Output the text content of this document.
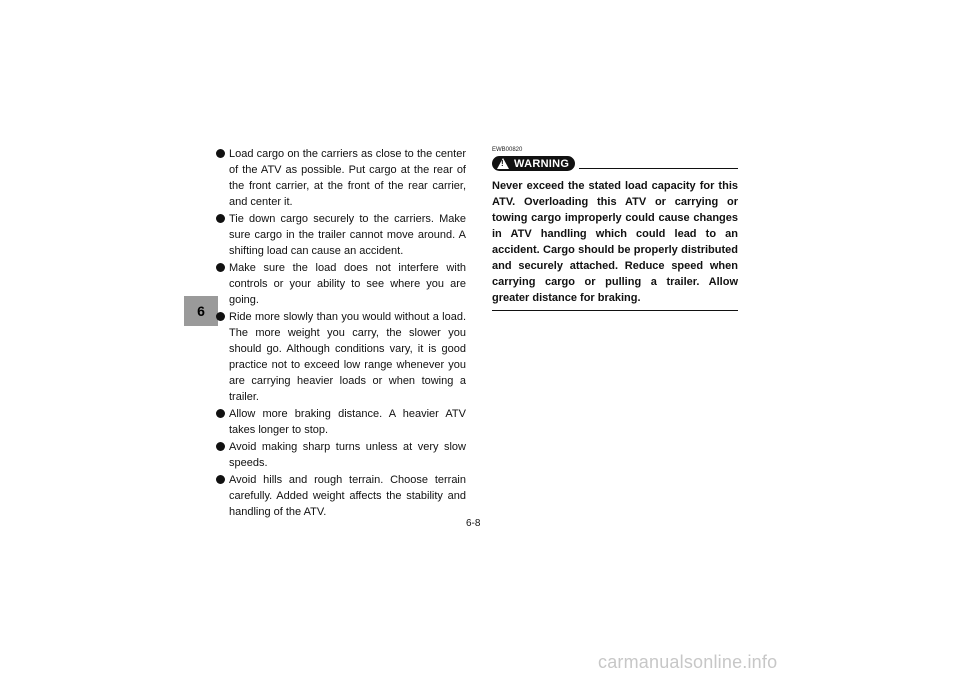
6
Load cargo on the carriers as close to the center of the ATV as possible. Put cargo at the rear of the front carrier, at the front of the rear carrier, and center it.
Tie down cargo securely to the carriers. Make sure cargo in the trailer cannot move around. A shifting load can cause an accident.
Make sure the load does not interfere with controls or your ability to see where you are going.
Ride more slowly than you would without a load. The more weight you carry, the slower you should go. Although conditions vary, it is good practice not to exceed low range whenever you are carrying heavier loads or when towing a trailer.
Allow more braking distance. A heavier ATV takes longer to stop.
Avoid making sharp turns unless at very slow speeds.
Avoid hills and rough terrain. Choose terrain carefully. Added weight affects the stability and handling of the ATV.
EWB00820
!
WARNING
Never exceed the stated load capacity for this ATV. Overloading this ATV or carrying or towing cargo improperly could cause changes in ATV handling which could lead to an accident. Cargo should be properly distributed and securely attached. Reduce speed when carrying cargo or pulling a trailer. Allow greater distance for braking.
6-8
carmanualsonline.info
